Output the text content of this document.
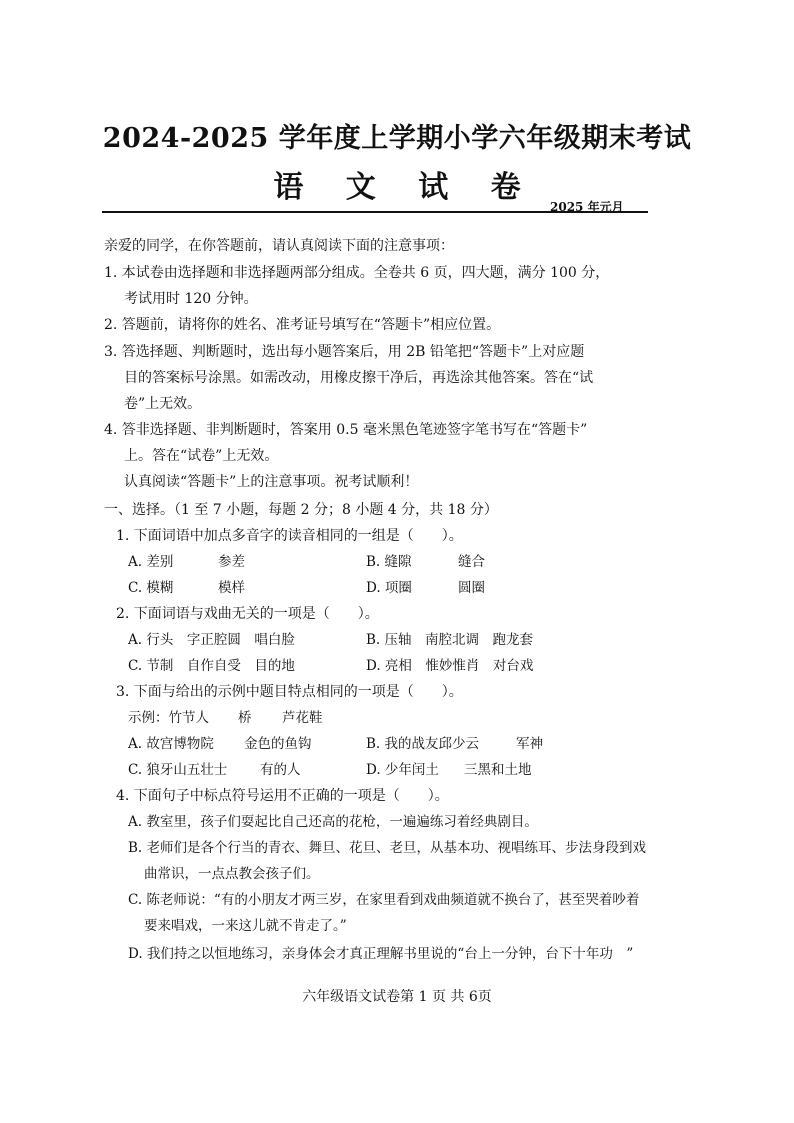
2024-2025 学年度上学期小学六年级期末考试
语 文 试 卷
2025 年元月
亲爱的同学，在你答题前，请认真阅读下面的注意事项：
1. 本试卷由选择题和非选择题两部分组成。全卷共 6 页，四大题，满分 100 分，
考试用时 120 分钟。
2. 答题前，请将你的姓名、准考证号填写在“答题卡”相应位置。
3. 答选择题、判断题时，选出每小题答案后，用 2B 铅笔把“答题卡”上对应题
目的答案标号涂黑。如需改动，用橡皮擦干净后，再选涂其他答案。答在“试
卷”上无效。
4. 答非选择题、非判断题时，答案用 0.5 毫米黑色笔迹签字笔书写在“答题卡”
上。答在“试卷”上无效。
认真阅读“答题卡”上的注意事项。祝考试顺利！
一、选择。（1 至 7 小题，每题 2 分；8 小题 4 分，共 18 分）
1. 下面词语中加点多音字的读音相同的一组是（　　）。
A. 差别	参差	B. 缝隙	缝合
C. 模糊	模样	D. 项圈	圆圈
2. 下面词语与戏曲无关的一项是（　　）。
A. 行头　字正腔圆　唱白脸	B. 压轴　南腔北调　跑龙套
C. 节制　自作自受　目的地	D. 亮相　惟妙惟肖　对台戏
3. 下面与给出的示例中题目特点相同的一项是（　　）。
示例：竹节人 桥 芦花鞋
A. 故宫博物院 金色的鱼钩	B. 我的战友邱少云	军神
C. 狼牙山五壮士 有的人	D. 少年闰土 三黑和土地
4. 下面句子中标点符号运用不正确的一项是（　　）。
A. 教室里，孩子们耍起比自己还高的花枪，一遍遍练习着经典剧目。
B. 老师们是各个行当的青衣、舞旦、花旦、老旦，从基本功、视唱练耳、步法身段到戏
曲常识，一点点教会孩子们。
C. 陈老师说：“有的小朋友才两三岁，在家里看到戏曲频道就不换台了，甚至哭着吵着
要来唱戏，一来这儿就不肯走了。”
D. 我们持之以恒地练习，亲身体会才真正理解书里说的“台上一分钟，台下十年功　”
六年级语文试卷第 1 页 共 6页
